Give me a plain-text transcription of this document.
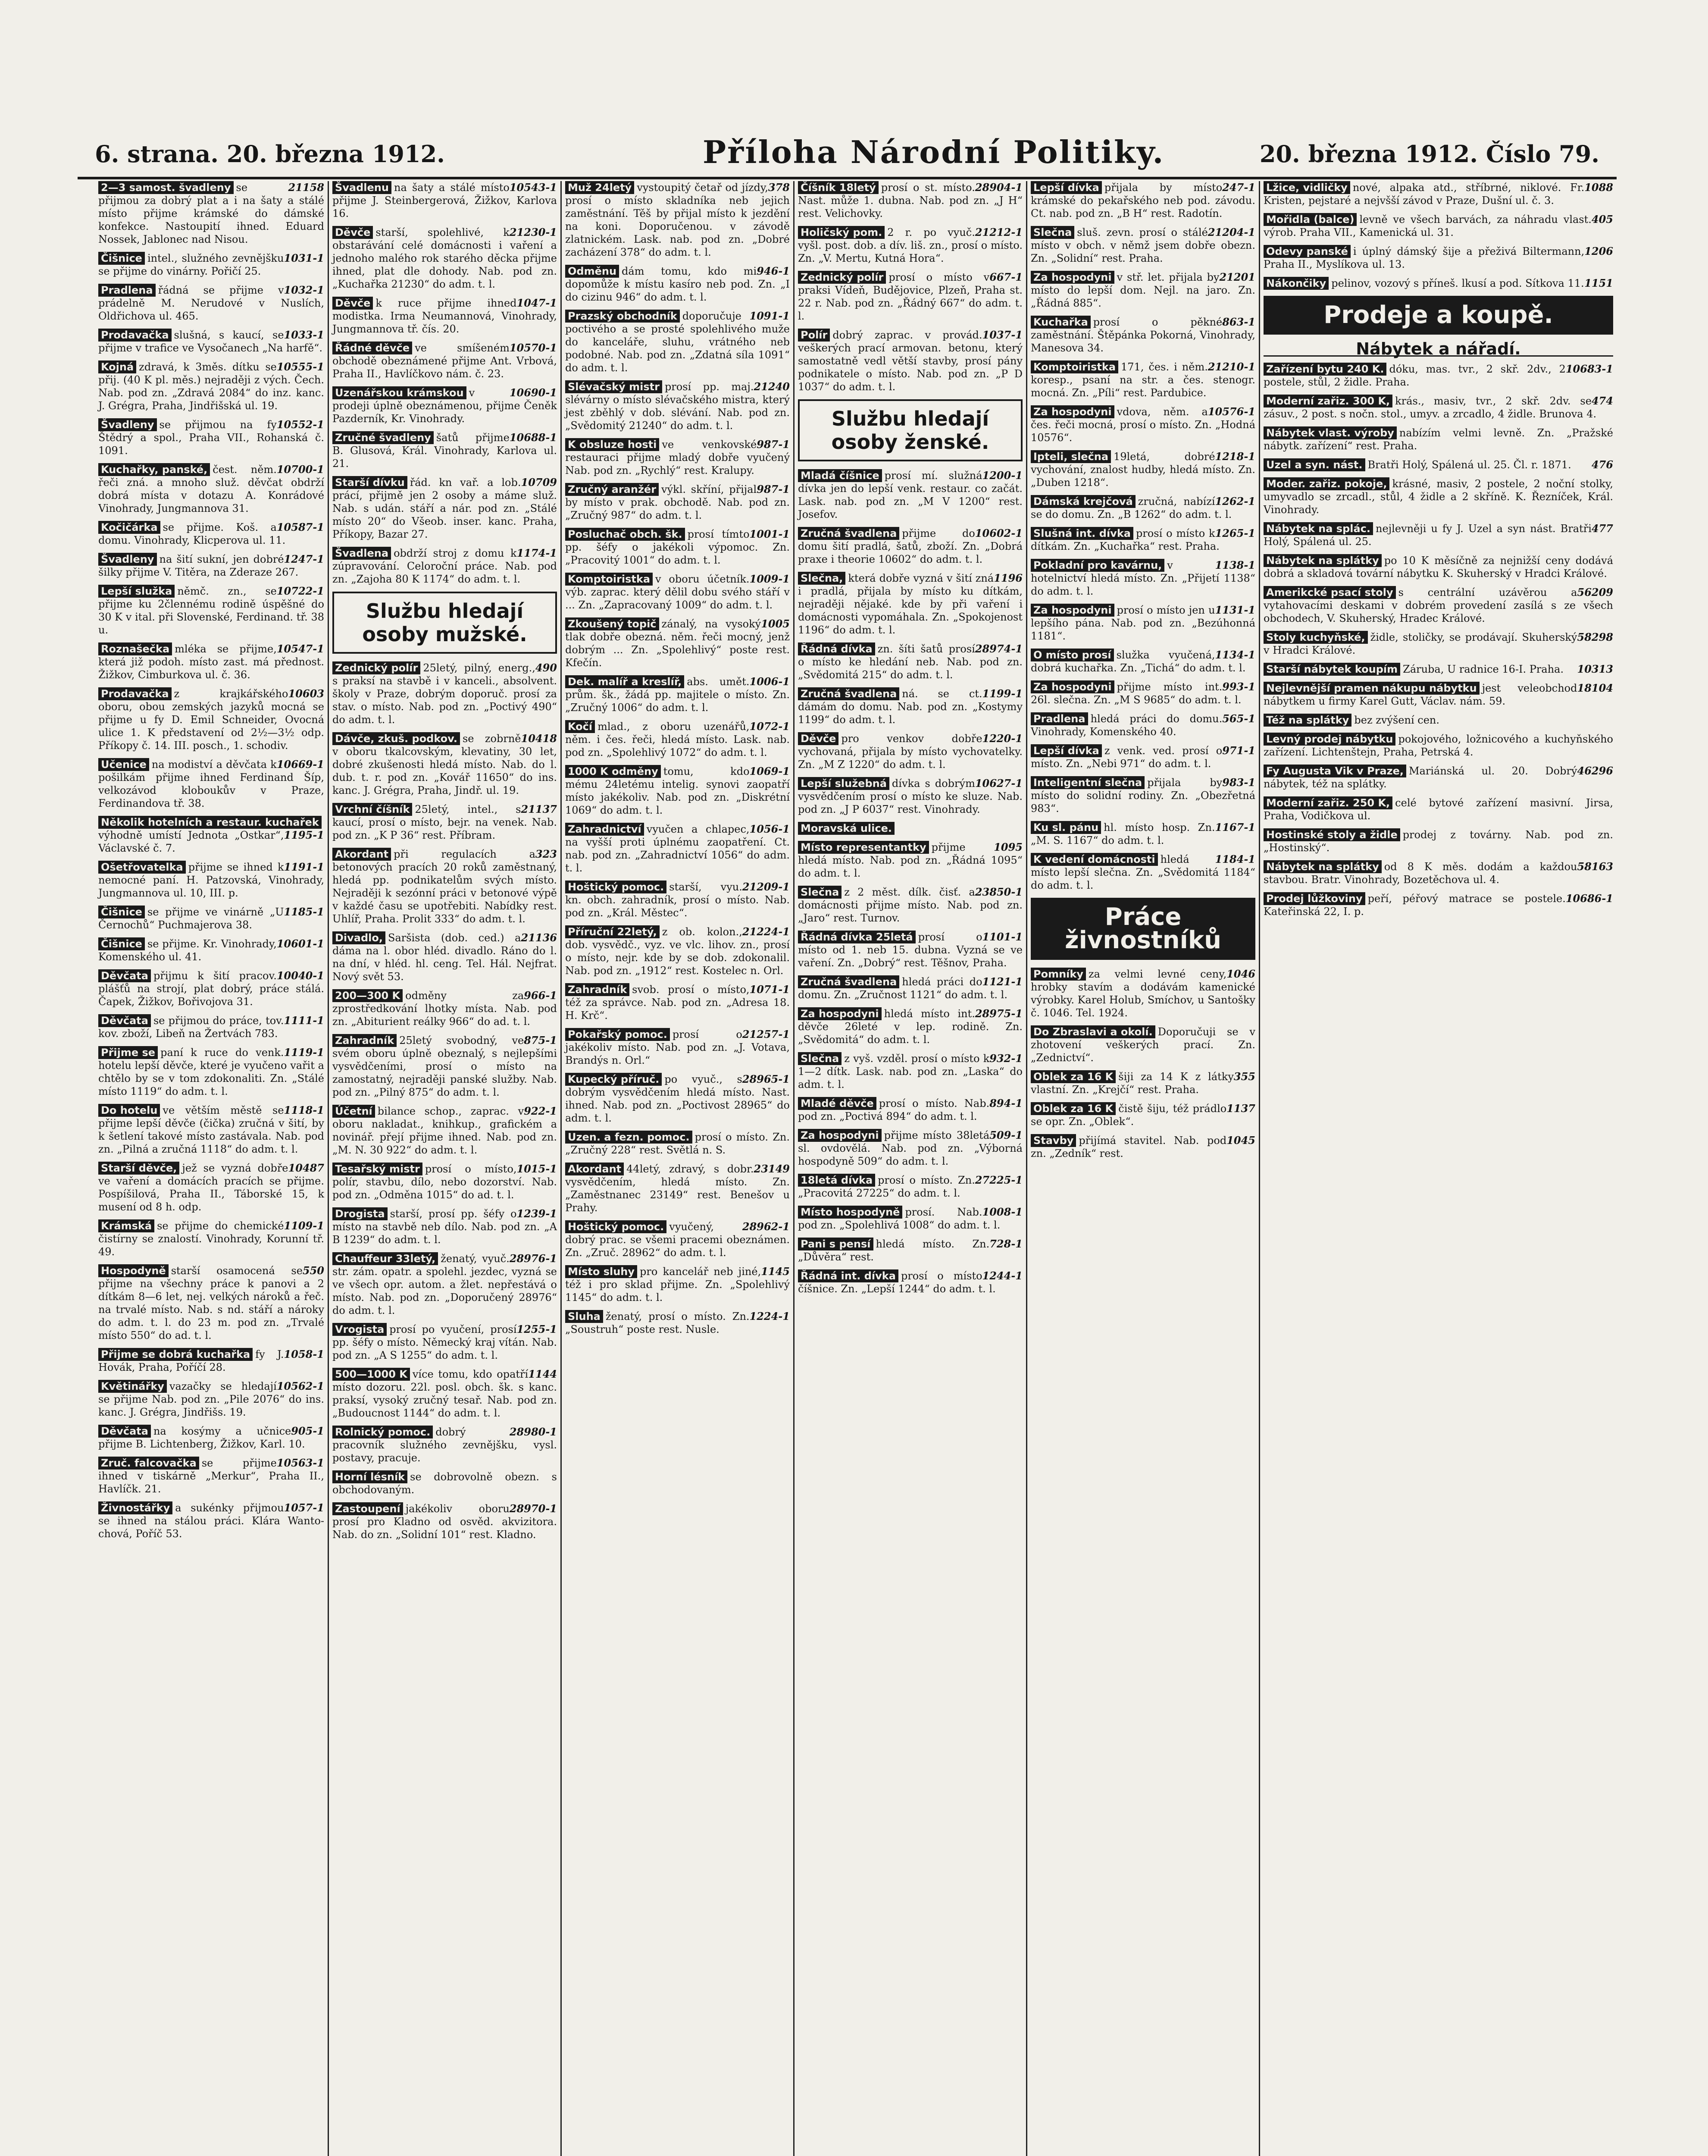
6. strana. 20. března 1912.	Příloha Národní Politiky.	20. března 1912. Číslo 79.
2—3 samost. švadleny	21158
se přijmou za dobrý plat a i na šaty a stálé místo přijme krámské do dámské konfekce. Nastoupití ihned. Eduard Nossek, Jablonec nad Nisou.
Čišnice	1031-1
intel., služného zevnějšku se přijme do vinárny. Pořičí 25.
Pradlena	1032-1
řádná se přijme v prádelně M. Nerudové v Nuslích, Oldřichova ul. 465.
Prodavačka	1033-1
slušná, s kaucí, se přijme v trafice ve Vysočanech „Na harfě“.
Kojná	10555-1
zdravá, k 3měs. dítku se přij. (40 K pl. měs.) nejraději z vých. Čech. Nab. pod zn. „Zdravá 2084“ do inz. kanc. J. Grégra, Praha, Jindřišská ul. 19.
Švadleny	10552-1
se přijmou na fy Štědrý a spol., Praha VII., Rohanská č. 1091.
Kuchařky, panské,	10700-1
čest. něm. řeči zná. a mnoho služ. děvčat obdrží dobrá místa v dotazu A. Konrádové Vinohrady, Jungmannova 31.
Kočičárka	10587-1
se přijme. Koš. a domu. Vinohrady, Klicperova ul. 11.
Švadleny	1247-1
na šití sukní, jen dobré šilky přijme V. Titěra, na Zderaze 267.
Lepší služka	10722-1
němč. zn., se přijme ku 2člennému rodině úspěšné do 30 K v ital. při Slovenské, Ferdinand. tř. 38 u.
Roznašečka	10547-1
mléka se přijme, která již podoh. místo zast. má přednost. Žižkov, Cimburkova ul. č. 36.
Prodavačka	10603
z krajkářského oboru, obou zemských jazyků mocná se přijme u fy D. Emil Schneider, Ovocná ulice 1. K představení od 2½—3½ odp. Příkopy č. 14. III. posch., 1. schodiv.
Učenice	10669-1
na modiství a děvčata k pošilkám přijme ihned Ferdinand Šíp, velkozávod kloboukův v Praze, Ferdinandova tř. 38.
Několik hotelních a restaur. kuchařek
1195-1
výhodně umístí Jednota „Ostkar“, Václavské č. 7.
Ošetřovatelka	1191-1
přijme se ihned k nemocné paní. H. Patzovská, Vinohrady, Jungmannova ul. 10, III. p.
Čišnice	1185-1
se přijme ve vinárně „U Černochů“ Puchmajerova 38.
Čišnice	10601-1
se přijme. Kr. Vinohrady, Komenského ul. 41.
Děvčata	10040-1
přijmu k šití pracov. plášťů na strojí, plat dobrý, práce stálá. Čapek, Žižkov, Bořivojova 31.
Děvčata	1111-1
se přijmou do práce, tov. kov. zboží, Libeň na Žertvách 783.
Přijme se	1119-1
paní k ruce do venk. hotelu lepší děvče, které je vyučeno vařit a chtělo by se v tom zdokonaliti. Zn. „Stálé místo 1119“ do adm. t. l.
Do hotelu	1118-1
ve větším městě se přijme lepší děvče (čička) zručná v šití, by k šetlení takové místo zastávala. Nab. pod zn. „Pilná a zručná 1118“ do adm. t. l.
Starší děvče,	10487
jež se vyzná dobře ve vaření a domácích pracích se přijme. Pospíšilová, Praha II., Táborské 15, k musení od 8 h. odp.
Krámská	1109-1
se přijme do chemické čistírny se znalostí. Vinohrady, Korunní tř. 49.
Hospodyně	550
starší osamocená se přijme na všechny práce k panovi a 2 dítkám 8—6 let, nej. velkých nároků a řeč. na trvalé místo. Nab. s nd. stáří a nároky do adm. t. l. do 23 m. pod zn. „Trvalé místo 550“ do ad. t. l.
Přijme se dobrá kuchařka	1058-1
fy J. Hovák, Praha, Poříčí 28.
Květinářky	10562-1
vazačky se hledají se přijme Nab. pod zn. „Pile 2076“ do ins. kanc. J. Grégra, Jindřišs. 19.
Děvčata	905-1
na kosýmy a učnice přijme B. Lichtenberg, Žižkov, Karl. 10.
Zruč. falcovačka	10563-1
se přijme ihned v tiskárně „Merkur“, Praha II., Havlíčk. 21.
Živnostářky	1057-1
a sukénky přijmou se ihned na stálou práci. Klára Wanto-chová, Poříč 53.
Švadlenu	10543-1
na šaty a stálé místo přijme J. Steinbergerová, Žižkov, Karlova 16.
Děvče	21230-1
starší, spolehlivé, k obstarávání celé domácnosti i vaření a jednoho malého rok starého děcka přijme ihned, plat dle dohody. Nab. pod zn. „Kuchařka 21230“ do adm. t. l.
Děvče	1047-1
k ruce přijme ihned modistka. Irma Neumannová, Vinohrady, Jungmannova tř. čís. 20.
Řádné děvče	10570-1
ve smíšeném obchodě obeznámené přijme Ant. Vrbová, Praha II., Havlíčkovo nám. č. 23.
Uzenářskou krámskou	10690-1
v prodeji úplně obeznámenou, přijme Čeněk Pazderník, Kr. Vinohrady.
Zručné švadleny	10688-1
šatů přijme B. Glusová, Král. Vinohrady, Karlova ul. 21.
Starší dívku	10709
řád. kn vař. a lob. prácí, přijmě jen 2 osoby a máme služ. Nab. s udán. stáří a nár. pod zn. „Stálé místo 20“ do Všeob. inser. kanc. Praha, Příkopy, Bazar 27.
Švadlena	1174-1
obdrží stroj z domu k zúpravování. Celoroční práce. Nab. pod zn. „Zajoha 80 K 1174“ do adm. t. l.
Službu hledají osoby mužské.
Zednický polír	490
25letý, pilný, energ., s praksí na stavbě i v kanceli., absolvent. školy v Praze, dobrým doporuč. prosí za stav. o místo. Nab. pod zn. „Poctivý 490“ do adm. t. l.
Dávče, zkuš. podkov.	10418
se zobrně v oboru tkalcovským, klevatiny, 30 let, dobré zkušenosti hledá místo. Nab. do l. dub. t. r. pod zn. „Kovář 11650“ do ins. kanc. J. Grégra, Praha, Jindř. ul. 19.
Vrchní číšník	21137
25letý, intel., s kaucí, prosí o místo, bejr. na venek. Nab. pod zn. „K P 36“ rest. Příbram.
Akordant	323
při regulacích a betonových pracích 20 roků zaměstnaný, hledá pp. podnikatelům svých místo. Nejraději k sezónní práci v betonové výpě v každé času se upotřebiti. Nabídky rest. Uhlíř, Praha. Prolit 333“ do adm. t. l.
Divadlo,	21136
Saršista (dob. ced.) a dáma na l. obor hléd. divadlo. Ráno do l. na dní, v hléd. hl. ceng. Tel. Hál. Nejfrat. Nový svět 53.
200—300 K	966-1
odměny za zprostředkování lhotky místa. Nab. pod zn. „Abiturient reálky 966“ do ad. t. l.
Zahradník	875-1
25letý svobodný, ve svém oboru úplně obeznalý, s nejlepšími vysvědčeními, prosí o místo na zamostatný, nejraději panské služby. Nab. pod zn. „Pilný 875“ do adm. t. l.
Účetní	922-1
bilance schop., zaprac. v oboru nakladat., knihkup., grafickém a novinář. přejí přijme ihned. Nab. pod zn. „M. N. 30 922“ do adm. t. l.
Tesařský mistr	1015-1
prosí o místo, polír, stavbu, dílo, nebo dozorství. Nab. pod zn. „Odměna 1015“ do ad. t. l.
Drogista	1239-1
starší, prosí pp. šéfy o místo na stavbě neb dílo. Nab. pod zn. „A B 1239“ do adm. t. l.
Chauffeur 33letý,	28976-1
ženatý, vyuč. str. zám. opatr. a spolehl. jezdec, vyzná se ve všech opr. autom. a žlet. nepřestává o místo. Nab. pod zn. „Doporučený 28976“ do adm. t. l.
Vrogista	1255-1
prosí po vyučení, prosí pp. šéfy o místo. Německý kraj vítán. Nab. pod zn. „A S 1255“ do adm. t. l.
500—1000 K	1144
více tomu, kdo opatří místo dozoru. 22l. posl. obch. šk. s kanc. praksí, vysoký zručný tesař. Nab. pod zn. „Budoucnost 1144“ do adm. t. l.
Rolnický pomoc.	28980-1
dobrý pracovník služného zevnějšku, vysl. postavy, pracuje.
Horní lésník se dobrovolně obezn. s obchodovaným.
Zastoupení	28970-1
jakékoliv oboru prosí pro Kladno od osvěd. akvizitora. Nab. do zn. „Solidní 101“ rest. Kladno.
Muž 24letý	378
vystoupitý četař od jízdy, prosí o místo skladníka neb jejich zaměstnání. Těš by přijal místo k jezdění na koni. Doporučenou. v závodě zlatnickém. Lask. nab. pod zn. „Dobré zacházení 378“ do adm. t. l.
Odměnu	946-1
dám tomu, kdo mi dopomůže k místu kasíro neb pod. Zn. „I do cizinu 946“ do adm. t. l.
Prazský obchodník	1091-1
doporučuje poctivého a se prosté spolehlivého muže do kanceláře, sluhu, vrátného neb podobné. Nab. pod zn. „Zdatná síla 1091“ do adm. t. l.
Slévačský mistr	21240
prosí pp. maj. slévárny o místo slévačského mistra, který jest zběhlý v dob. slévání. Nab. pod zn. „Svědomitý 21240“ do adm. t. l.
K obsluze hosti	987-1
ve venkovské restauraci přijme mladý dobře vyučený Nab. pod zn. „Rychlý“ rest. Kralupy.
Zručný aranžér	987-1
výkl. skříní, přijal by místo v prak. obchodě. Nab. pod zn. „Zručný 987“ do adm. t. l.
Posluchač obch. šk.	1001-1
prosí tímto pp. šéfy o jakékoli výpomoc. Zn. „Pracovitý 1001“ do adm. t. l.
Komptoiristka	1009-1
v oboru účetník. výb. zaprac. který dělil dobu svého stáří v ... Zn. „Zapracovaný 1009“ do adm. t. l.
Zkoušený topič	1005
zánalý, na vysoký tlak dobře obezná. něm. řeči mocný, jenž dobrým ... Zn. „Spolehlivý“ poste rest. Kfečín.
Dek. malíř a kreslíř,	1006-1
abs. umět. prům. šk., žádá pp. majitele o místo. Zn. „Zručný 1006“ do adm. t. l.
Kočí	1072-1
mlad., z oboru uzenářů, něm. i čes. řeči, hledá místo. Lask. nab. pod zn. „Spolehlivý 1072“ do adm. t. l.
1000 K odměny	1069-1
tomu, kdo mému 24letému intelig. synovi zaopatří místo jakékoliv. Nab. pod zn. „Diskrétní 1069“ do adm. t. l.
Zahradnictví	1056-1
vyučen a chlapec, na vyšší proti úplnému zaopatření. Ct. nab. pod zn. „Zahradnictví 1056“ do adm. t. l.
Hoštický pomoc.	21209-1
starší, vyu. kn. obch. zahradník, prosí o místo. Nab. pod zn. „Král. Městec“.
Příruční 22letý,	21224-1
z ob. kolon., dob. vysvědč., vyz. ve vlc. lihov. zn., prosí o místo, nejr. kde by se dob. zdokonalil. Nab. pod zn. „1912“ rest. Kostelec n. Orl.
Zahradník	1071-1
svob. prosí o místo, též za správce. Nab. pod zn. „Adresa 18. H. Krč“.
Pokařský pomoc.	21257-1
prosí o jakékoliv místo. Nab. pod zn. „J. Votava, Brandýs n. Orl.“
Kupecký příruč.	28965-1
po vyuč., s dobrým vysvědčením hledá místo. Nast. ihned. Nab. pod zn. „Poctivost 28965“ do adm. t. l.
Uzen. a fezn. pomoc. prosí o místo. Zn. „Zručný 228“ rest. Světlá n. S.
Akordant	23149
44letý, zdravý, s dobr. vysvědčením, hledá místo. Zn. „Zaměstnanec 23149“ rest. Benešov u Prahy.
Hoštický pomoc.	28962-1
vyučený, dobrý prac. se všemi pracemi obeznámen. Zn. „Zruč. 28962“ do adm. t. l.
Místo sluhy	1145
pro kancelář neb jiné, též i pro sklad přijme. Zn. „Spolehlivý 1145“ do adm. t. l.
Sluha	1224-1
ženatý, prosí o místo. Zn. „Soustruh“ poste rest. Nusle.
Číšník 18letý	28904-1
prosí o st. místo. Nast. může 1. dubna. Nab. pod zn. „J H“ rest. Velichovky.
Holičský pom.	21212-1
2 r. po vyuč. vyšl. post. dob. a dív. liš. zn., prosí o místo. Zn. „V. Mertu, Kutná Hora“.
Zednický polír	667-1
prosí o místo v praksi Vídeň, Budějovice, Plzeň, Praha st. 22 r. Nab. pod zn. „Řádný 667“ do adm. t. l.
Polír	1037-1
dobrý zaprac. v provád. veškerých prací armovan. betonu, který samostatně vedl větší stavby, prosí pány podnikatele o místo. Nab. pod zn. „P D 1037“ do adm. t. l.
Službu hledají osoby ženské.
Mladá číšnice	1200-1
prosí mí. služná dívka jen do lepší venk. restaur. co začát. Lask. nab. pod zn. „M V 1200“ rest. Josefov.
Zručná švadlena	10602-1
přijme do domu šití pradlá, šatů, zboží. Zn. „Dobrá praxe i theorie 10602“ do adm. t. l.
Slečna,	1196
která dobře vyzná v šití zná i pradlá, přijala by místo ku dítkám, nejraději nějaké. kde by při vaření i domácnosti vypomáhala. Zn. „Spokojenost 1196“ do adm. t. l.
Řádná dívka	28974-1
zn. šíti šatů prosí o místo ke hledání neb. Nab. pod zn. „Svědomitá 215“ do adm. t. l.
Zručná švadlena	1199-1
ná. se ct. dámám do domu. Nab. pod zn. „Kostymy 1199“ do adm. t. l.
Děvče	1220-1
pro venkov dobře vychovaná, přijala by místo vychovatelky. Zn. „M Z 1220“ do adm. t. l.
Lepší služebná	10627-1
dívka s dobrým vysvědčením prosí o místo ke sluze. Nab. pod zn. „J P 6037“ rest. Vinohrady.
Moravská ulice.
Místo representantky	1095
přijme hledá místo. Nab. pod zn. „Řádná 1095“ do adm. t. l.
Slečna	23850-1
z 2 měst. dílk. čisť. a domácnosti přijme místo. Nab. pod zn. „Jaro“ rest. Turnov.
Řádná dívka 25letá	1101-1
prosí o místo od 1. neb 15. dubna. Vyzná se ve vaření. Zn. „Dobrý“ rest. Těšnov, Praha.
Zručná švadlena	1121-1
hledá práci do domu. Zn. „Zručnost 1121“ do adm. t. l.
Za hospodyni	28975-1
hledá místo int. děvče 26leté v lep. rodině. Zn. „Svědomitá“ do adm. t. l.
Slečna	932-1
z vyš. vzděl. prosí o místo k 1—2 dítk. Lask. nab. pod zn. „Laska“ do adm. t. l.
Mladé děvče	894-1
prosí o místo. Nab. pod zn. „Poctivá 894“ do adm. t. l.
Za hospodyni	509-1
přijme místo 38letá sl. ovdovělá. Nab. pod zn. „Výborná hospodyně 509“ do adm. t. l.
18letá dívka	27225-1
prosí o místo. Zn. „Pracovitá 27225“ do adm. t. l.
Místo hospodyně	1008-1
prosí. Nab. pod zn. „Spolehlivá 1008“ do adm. t. l.
Pani s pensí	728-1
hledá místo. Zn. „Důvěra“ rest.
Řádná int. dívka	1244-1
prosí o místo číšnice. Zn. „Lepší 1244“ do adm. t. l.
Lepší dívka	247-1
přijala by místo krámské do pekařského neb pod. závodu. Ct. nab. pod zn. „B H“ rest. Radotín.
Slečna	21204-1
sluš. zevn. prosí o stálé místo v obch. v němž jsem dobře obezn. Zn. „Solidní“ rest. Praha.
Za hospodyni	21201
v stř. let. přijala by místo do lepší dom. Nejl. na jaro. Zn. „Řádná 885“.
Kuchařka	863-1
prosí o pěkné zaměstnání. Štěpánka Pokorná, Vinohrady, Manesova 34.
Komptoiristka	21210-1
171, čes. i něm. koresp., psaní na str. a čes. stenogr. mocná. Zn. „Píli“ rest. Pardubice.
Za hospodyni	10576-1
vdova, něm. a čes. řeči mocná, prosí o místo. Zn. „Hodná 10576“.
Ipteli, slečna	1218-1
19letá, dobré vychování, znalost hudby, hledá místo. Zn. „Duben 1218“.
Dámská krejčová	1262-1
zručná, nabízí se do domu. Zn. „B 1262“ do adm. t. l.
Slušná int. dívka	1265-1
prosí o místo k dítkám. Zn. „Kuchařka“ rest. Praha.
Pokladní pro kavárnu,	1138-1
v hotelnictví hledá místo. Zn. „Přijetí 1138“ do adm. t. l.
Za hospodyni	1131-1
prosí o místo jen u lepšího pána. Nab. pod zn. „Bezúhonná 1181“.
O místo prosí	1134-1
služka vyučená, dobrá kuchařka. Zn. „Tichá“ do adm. t. l.
Za hospodyni	993-1
přijme místo int. 26l. slečna. Zn. „M S 9685“ do adm. t. l.
Pradlena	565-1
hledá práci do domu. Vinohrady, Komenského 40.
Lepší dívka	971-1
z venk. ved. prosí o místo. Zn. „Nebi 971“ do adm. t. l.
Inteligentní slečna	983-1
přijala by místo do solidní rodiny. Zn. „Obezřetná 983“.
Ku sl. pánu	1167-1
hl. místo hosp. Zn. „M. S. 1167“ do adm. t. l.
K vedení domácnosti	1184-1
hledá místo lepší slečna. Zn. „Svědomitá 1184“ do adm. t. l.
Práce živnostníků
Pomníky	1046
za velmi levné ceny, hrobky stavím a dodávám kamenické výrobky. Karel Holub, Smíchov, u Santošky č. 1046. Tel. 1924.
Do Zbraslavi a okolí. Doporučuji se v zhotovení veškerých prací. Zn. „Zednictví“.
Oblek za 16 K	355
šiji za 14 K z látky vlastní. Zn. „Krejčí“ rest. Praha.
Oblek za 16 K	1137
čistě šiju, též prádlo se opr. Zn. „Oblek“.
Stavby	1045
přijímá stavitel. Nab. pod zn. „Zedník“ rest.
Lžice, vidličky	1088
nové, alpaka atd., stříbrné, niklové. Fr. Kristen, pejstaré a nejvšší závod v Praze, Dušní ul. č. 3.
Mořidla (balce)	405
levně ve všech barvách, za náhradu vlast. výrob. Praha VII., Kamenická ul. 31.
Odevy panské	1206
i úplný dámský šije a přeživá Biltermann, Praha II., Myslíkova ul. 13.
Nákončiky	1151
pelinov, vozový s příneš. lkusí a pod. Sítkova 11.
Prodeje a koupě.
Nábytek a nářadí.
Zařízení bytu 240 K.	10683-1
dóku, mas. tvr., 2 skř. 2dv., 2 postele, stůl, 2 židle. Praha.
Moderní zařiz. 300 K,	474
krás., masiv, tvr., 2 skř. 2dv. se zásuv., 2 post. s nočn. stol., umyv. a zrcadlo, 4 židle. Brunova 4.
Nábytek vlast. výroby nabízím velmi levně. Zn. „Pražské nábytk. zařízení“ rest. Praha.
Uzel a syn. nást.	476
Bratři Holý, Spálená ul. 25. Čl. r. 1871.
Moder. zařiz. pokoje, krásné, masiv, 2 postele, 2 noční stolky, umyvadlo se zrcadl., stůl, 4 židle a 2 skříně. K. Řezníček, Král. Vinohrady.
Nábytek na splác.	477
nejlevněji u fy J. Uzel a syn nást. Bratři Holý, Spálená ul. 25.
Nábytek na splátky po 10 K měsíčně za nejnižší ceny dodává dobrá a skladová tovární nábytku K. Skuherský v Hradci Králové.
Amerikcké psací stoly	56209
s centrální uzávěrou a vytahovacími deskami v dobrém provedení zasílá s ze všech obchodech, V. Skuherský, Hradec Králové.
Stoly kuchyňské,	58298
židle, stoličky, se prodávají. Skuherský v Hradci Králové.
Starší nábytek koupím	10313
Záruba, U radnice 16-I. Praha.
Nejlevnější pramen nákupu nábytku	18104
jest veleobchod nábytkem u firmy Karel Gutt, Václav. nám. 59.
Též na splátky bez zvýšení cen.
Levný prodej nábytku pokojového, ložnicového a kuchyňského zařízení. Lichtenštejn, Praha, Petrská 4.
Fy Augusta Vik v Praze,	46296
Mariánská ul. 20. Dobrý nábytek, též na splátky.
Moderní zařiz. 250 K, celé bytové zařízení masivní. Jirsa, Praha, Vodičkova ul.
Hostinské stoly a židle prodej z továrny. Nab. pod zn. „Hostinský“.
Nábytek na splátky	58163
od 8 K měs. dodám a každou stavbou. Bratr. Vinohrady, Bozetěchova ul. 4.
Prodej lůžkoviny	10686-1
peří, péřový matrace se postele. Kateřinská 22, I. p.
